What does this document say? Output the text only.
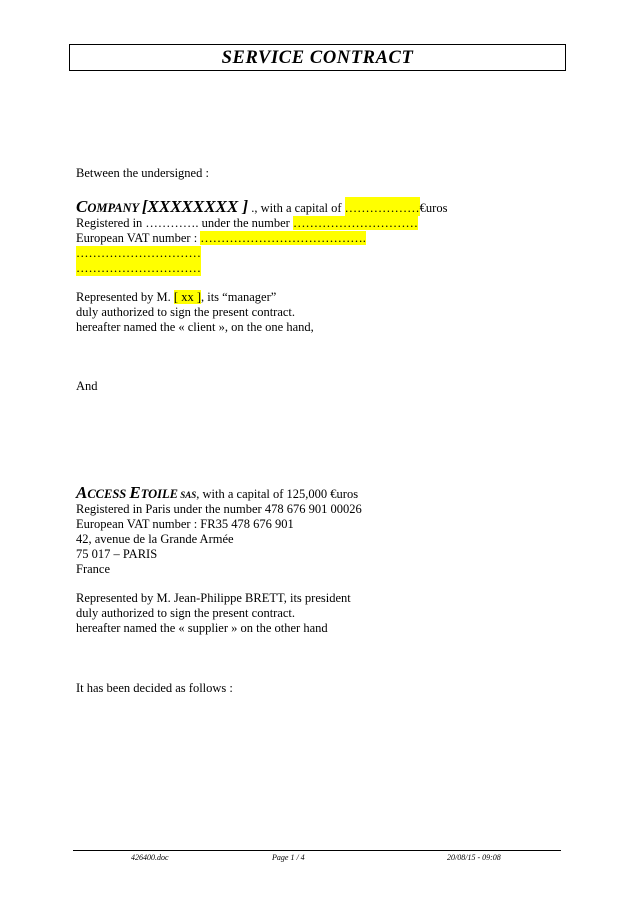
SERVICE CONTRACT
Between the undersigned :
COMPANY [XXXXXXXX ] ., with a capital of ………………€uros
Registered in …………. under the number …………………………
European VAT number : ………………………………….
…………………………
…………………………
Represented by M. [ xx ], its “manager”
duly authorized to sign the present contract.
hereafter named the « client », on the one hand,
And
ACCESS ETOILE SAS, with a capital of 125,000 €uros
Registered in Paris under the number 478 676 901 00026
European VAT number : FR35 478 676 901
42, avenue de la Grande Armée
75 017 – PARIS
France
Represented by M. Jean-Philippe BRETT, its president
duly authorized to sign the present contract.
hereafter named the « supplier » on the other hand
It has been decided as follows :
426400.doc	Page 1 / 4	20/08/15 - 09:08
